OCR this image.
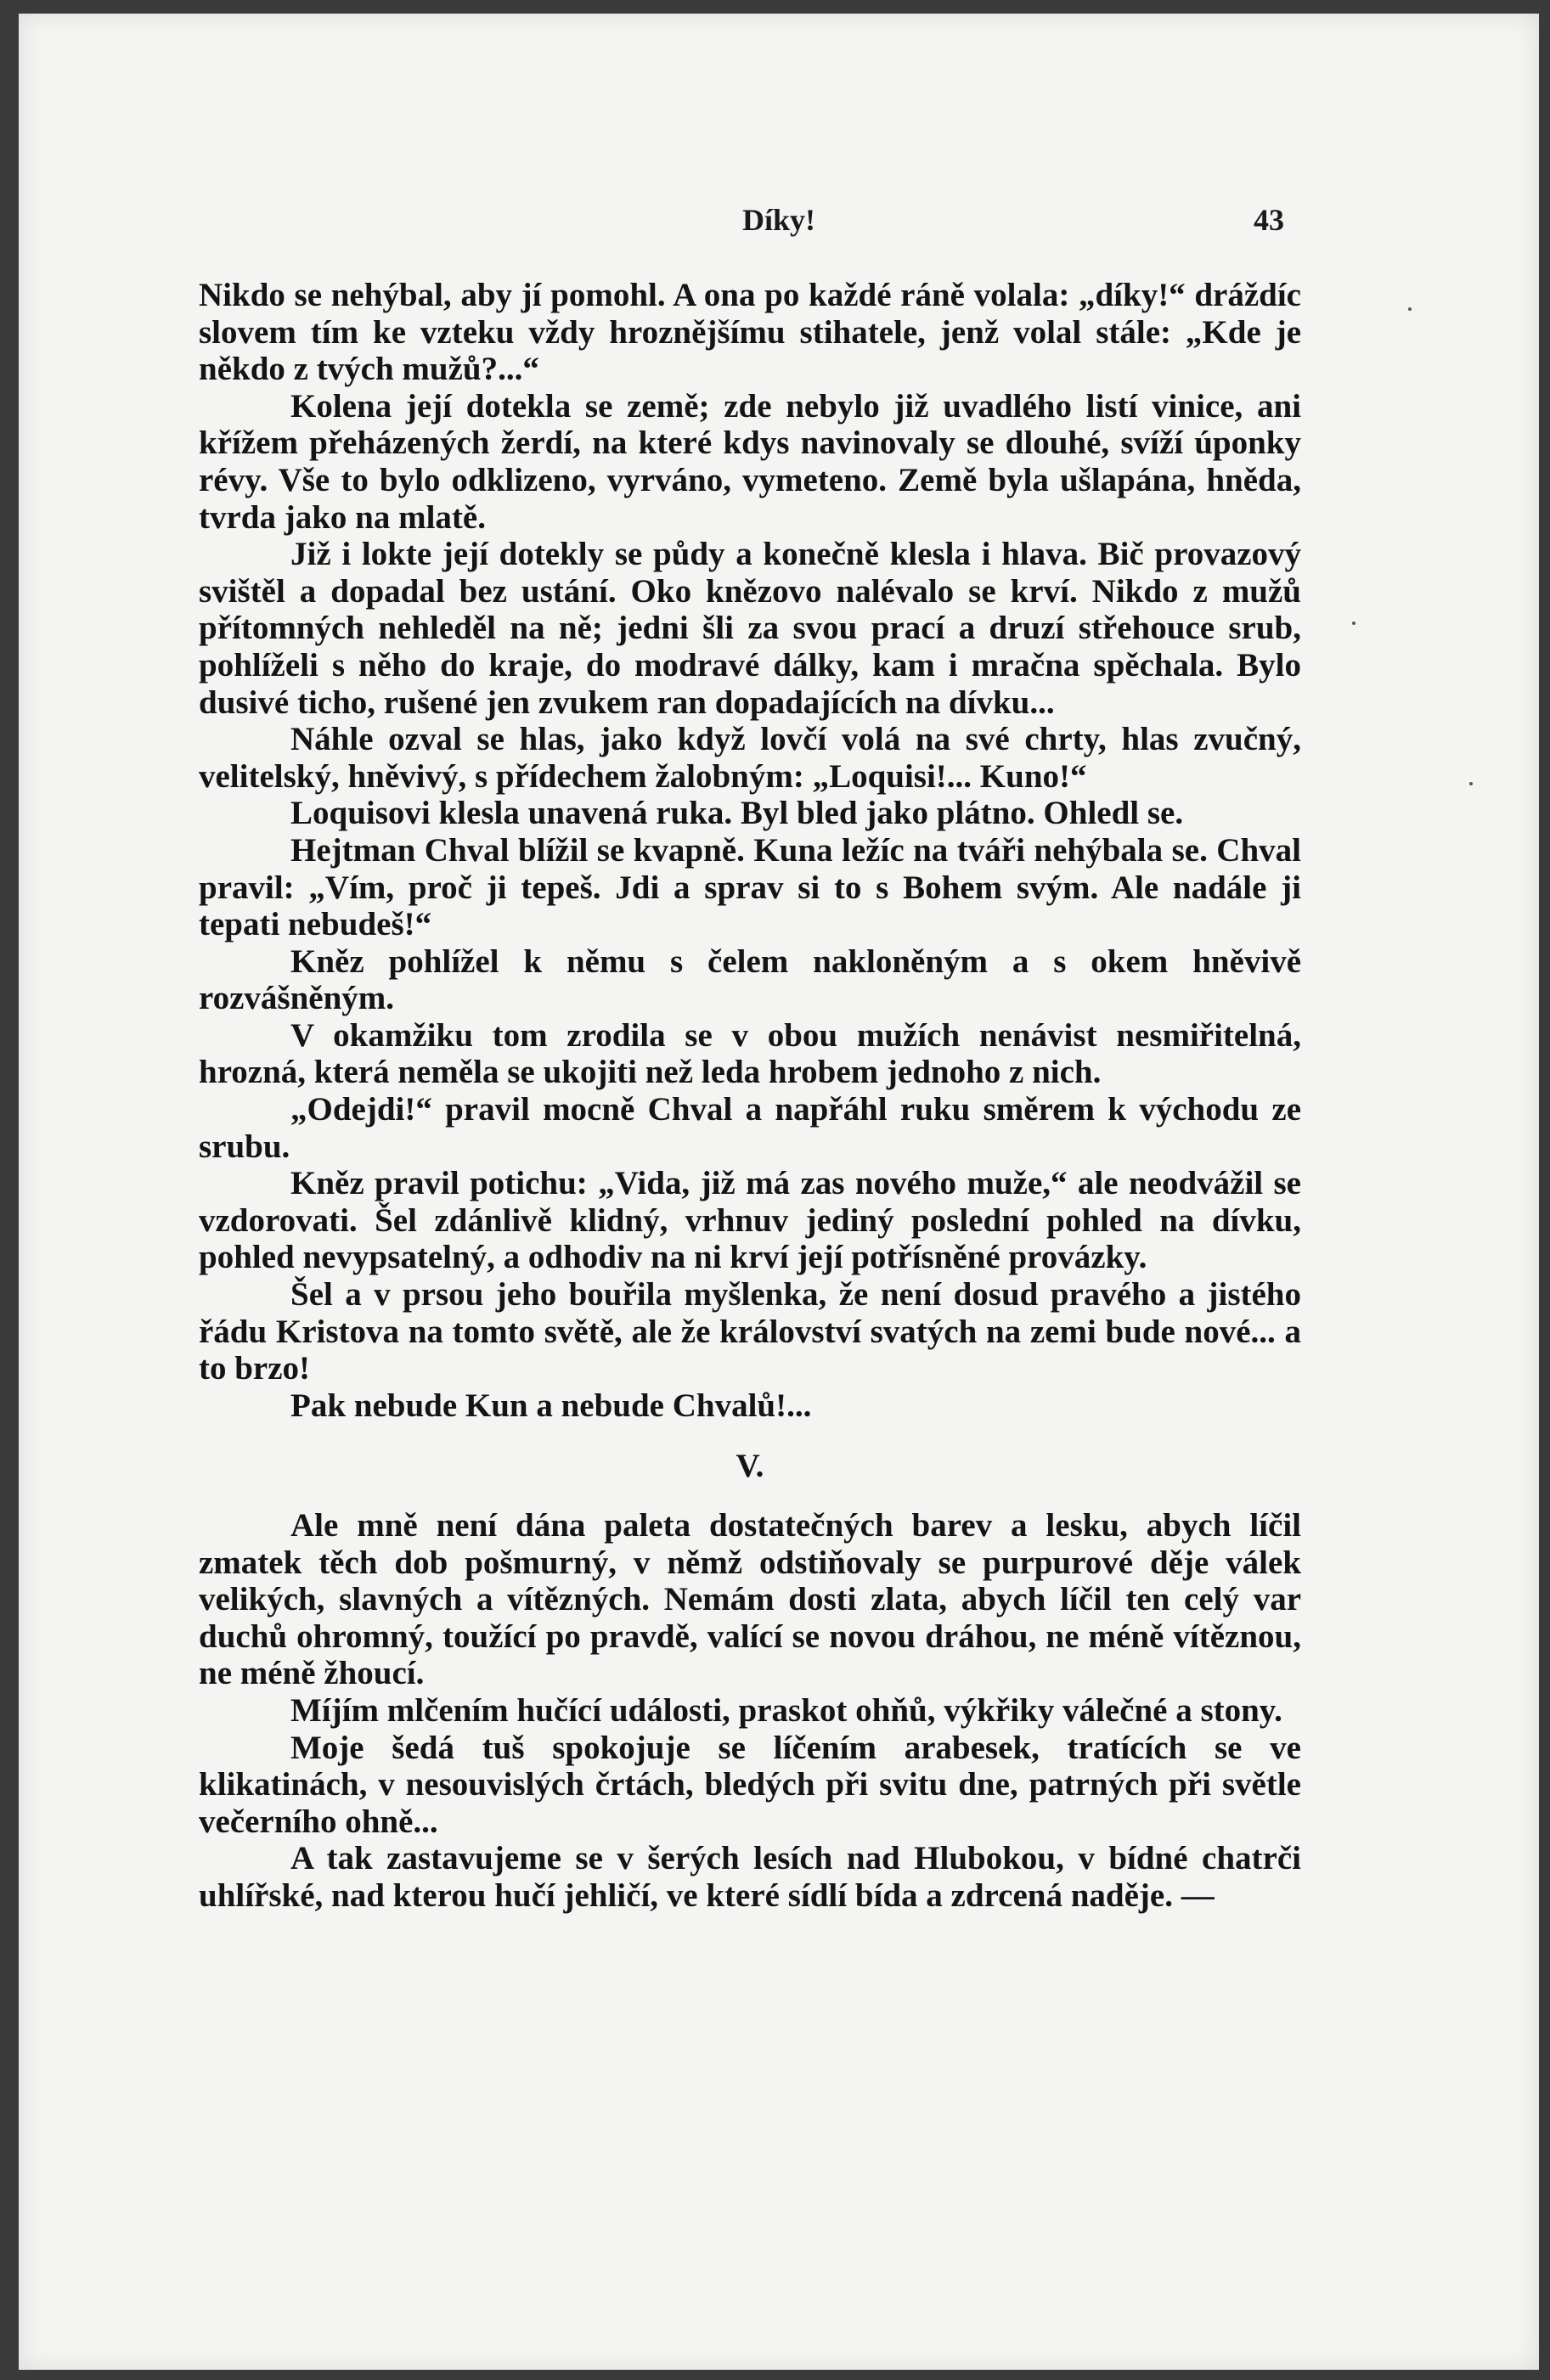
Díky!	43

Nikdo se nehýbal, aby jí pomohl. A ona po každé ráně volala: „díky!“ dráždíc slovem tím ke vzteku vždy hroznějšímu stihatele, jenž volal stále: „Kde je někdo z tvých mužů?...“

Kolena její dotekla se země; zde nebylo již uvadlého listí vinice, ani křížem přeházených žerdí, na které kdys navinovaly se dlouhé, svíží úponky révy. Vše to bylo odklizeno, vyrváno, vymeteno. Země byla ušlapána, hněda, tvrda jako na mlatě.

Již i lokte její dotekly se půdy a konečně klesla i hlava. Bič provazový svištěl a dopadal bez ustání. Oko knězovo nalévalo se krví. Nikdo z mužů přítomných nehleděl na ně; jedni šli za svou prací a druzí střehouce srub, pohlíželi s něho do kraje, do modravé dálky, kam i mračna spěchala. Bylo dusivé ticho, rušené jen zvukem ran dopadajících na dívku...

Náhle ozval se hlas, jako když lovčí volá na své chrty, hlas zvučný, velitelský, hněvivý, s přídechem žalobným: „Loquisi!... Kuno!“

Loquisovi klesla unavená ruka. Byl bled jako plátno. Ohledl se.

Hejtman Chval blížil se kvapně. Kuna ležíc na tváři nehýbala se. Chval pravil: „Vím, proč ji tepeš. Jdi a sprav si to s Bohem svým. Ale nadále ji tepati nebudeš!“

Kněz pohlížel k němu s čelem nakloněným a s okem hněvivě rozvášněným.

V okamžiku tom zrodila se v obou mužích nenávist nesmiřitelná, hrozná, která neměla se ukojiti než leda hrobem jednoho z nich.

„Odejdi!“ pravil mocně Chval a napřáhl ruku směrem k východu ze srubu.

Kněz pravil potichu: „Vida, již má zas nového muže,“ ale neodvážil se vzdorovati. Šel zdánlivě klidný, vrhnuv jediný poslední pohled na dívku, pohled nevypsatelný, a odhodiv na ni krví její potřísněné provázky.

Šel a v prsou jeho bouřila myšlenka, že není dosud pravého a jistého řádu Kristova na tomto světě, ale že království svatých na zemi bude nové... a to brzo!

Pak nebude Kun a nebude Chvalů!...

V.

Ale mně není dána paleta dostatečných barev a lesku, abych líčil zmatek těch dob pošmurný, v němž odstiňovaly se purpurové děje válek velikých, slavných a vítězných. Nemám dosti zlata, abych líčil ten celý var duchů ohromný, toužící po pravdě, valící se novou dráhou, ne méně vítěznou, ne méně žhoucí.

Míjím mlčením hučící události, praskot ohňů, výkřiky válečné a stony.

Moje šedá tuš spokojuje se líčením arabesek, tratících se ve klikatinách, v nesouvislých črtách, bledých při svitu dne, patrných při světle večerního ohně...

A tak zastavujeme se v šerých lesích nad Hlubokou, v bídné chatrči uhlířské, nad kterou hučí jehličí, ve které sídlí bída a zdrcená naděje. —
